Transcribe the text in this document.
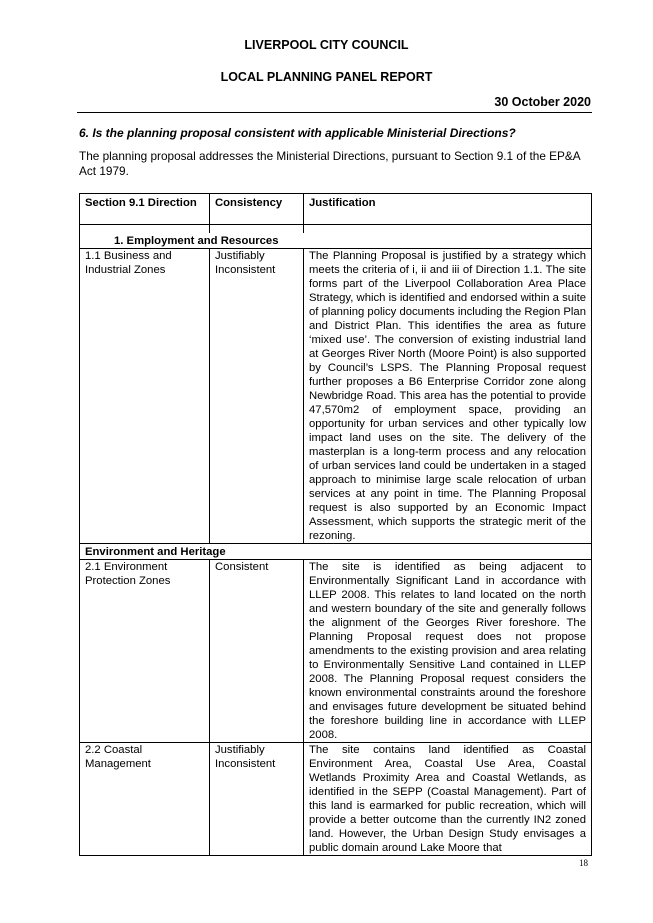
LIVERPOOL CITY COUNCIL
LOCAL PLANNING PANEL REPORT
30 October 2020
6. Is the planning proposal consistent with applicable Ministerial Directions?
The planning proposal addresses the Ministerial Directions, pursuant to Section 9.1 of the EP&A Act 1979.
Section 9.1 Direction	Consistency	Justification

1. Employment and Resources		
1.1 Business and Industrial Zones	Justifiably Inconsistent	The Planning Proposal is justified by a strategy which meets the criteria of i, ii and iii of Direction 1.1. The site forms part of the Liverpool Collaboration Area Place Strategy, which is identified and endorsed within a suite of planning policy documents including the Region Plan and District Plan. This identifies the area as future ‘mixed use’. The conversion of existing industrial land at Georges River North (Moore Point) is also supported by Council’s LSPS. The Planning Proposal request further proposes a B6 Enterprise Corridor zone along Newbridge Road. This area has the potential to provide 47,570m2 of employment space, providing an opportunity for urban services and other typically low impact land uses on the site. The delivery of the masterplan is a long-term process and any relocation of urban services land could be undertaken in a staged approach to minimise large scale relocation of urban services at any point in time. The Planning Proposal request is also supported by an Economic Impact Assessment, which supports the strategic merit of the rezoning.
Environment and Heritage		
2.1 Environment Protection Zones	Consistent	The site is identified as being adjacent to Environmentally Significant Land in accordance with LLEP 2008. This relates to land located on the north and western boundary of the site and generally follows the alignment of the Georges River foreshore. The Planning Proposal request does not propose amendments to the existing provision and area relating to Environmentally Sensitive Land contained in LLEP 2008. The Planning Proposal request considers the known environmental constraints around the foreshore and envisages future development be situated behind the foreshore building line in accordance with LLEP 2008.
2.2 Coastal Management	Justifiably Inconsistent	The site contains land identified as Coastal Environment Area, Coastal Use Area, Coastal Wetlands Proximity Area and Coastal Wetlands, as identified in the SEPP (Coastal Management). Part of this land is earmarked for public recreation, which will provide a better outcome than the currently IN2 zoned land. However, the Urban Design Study envisages a public domain around Lake Moore that
18
